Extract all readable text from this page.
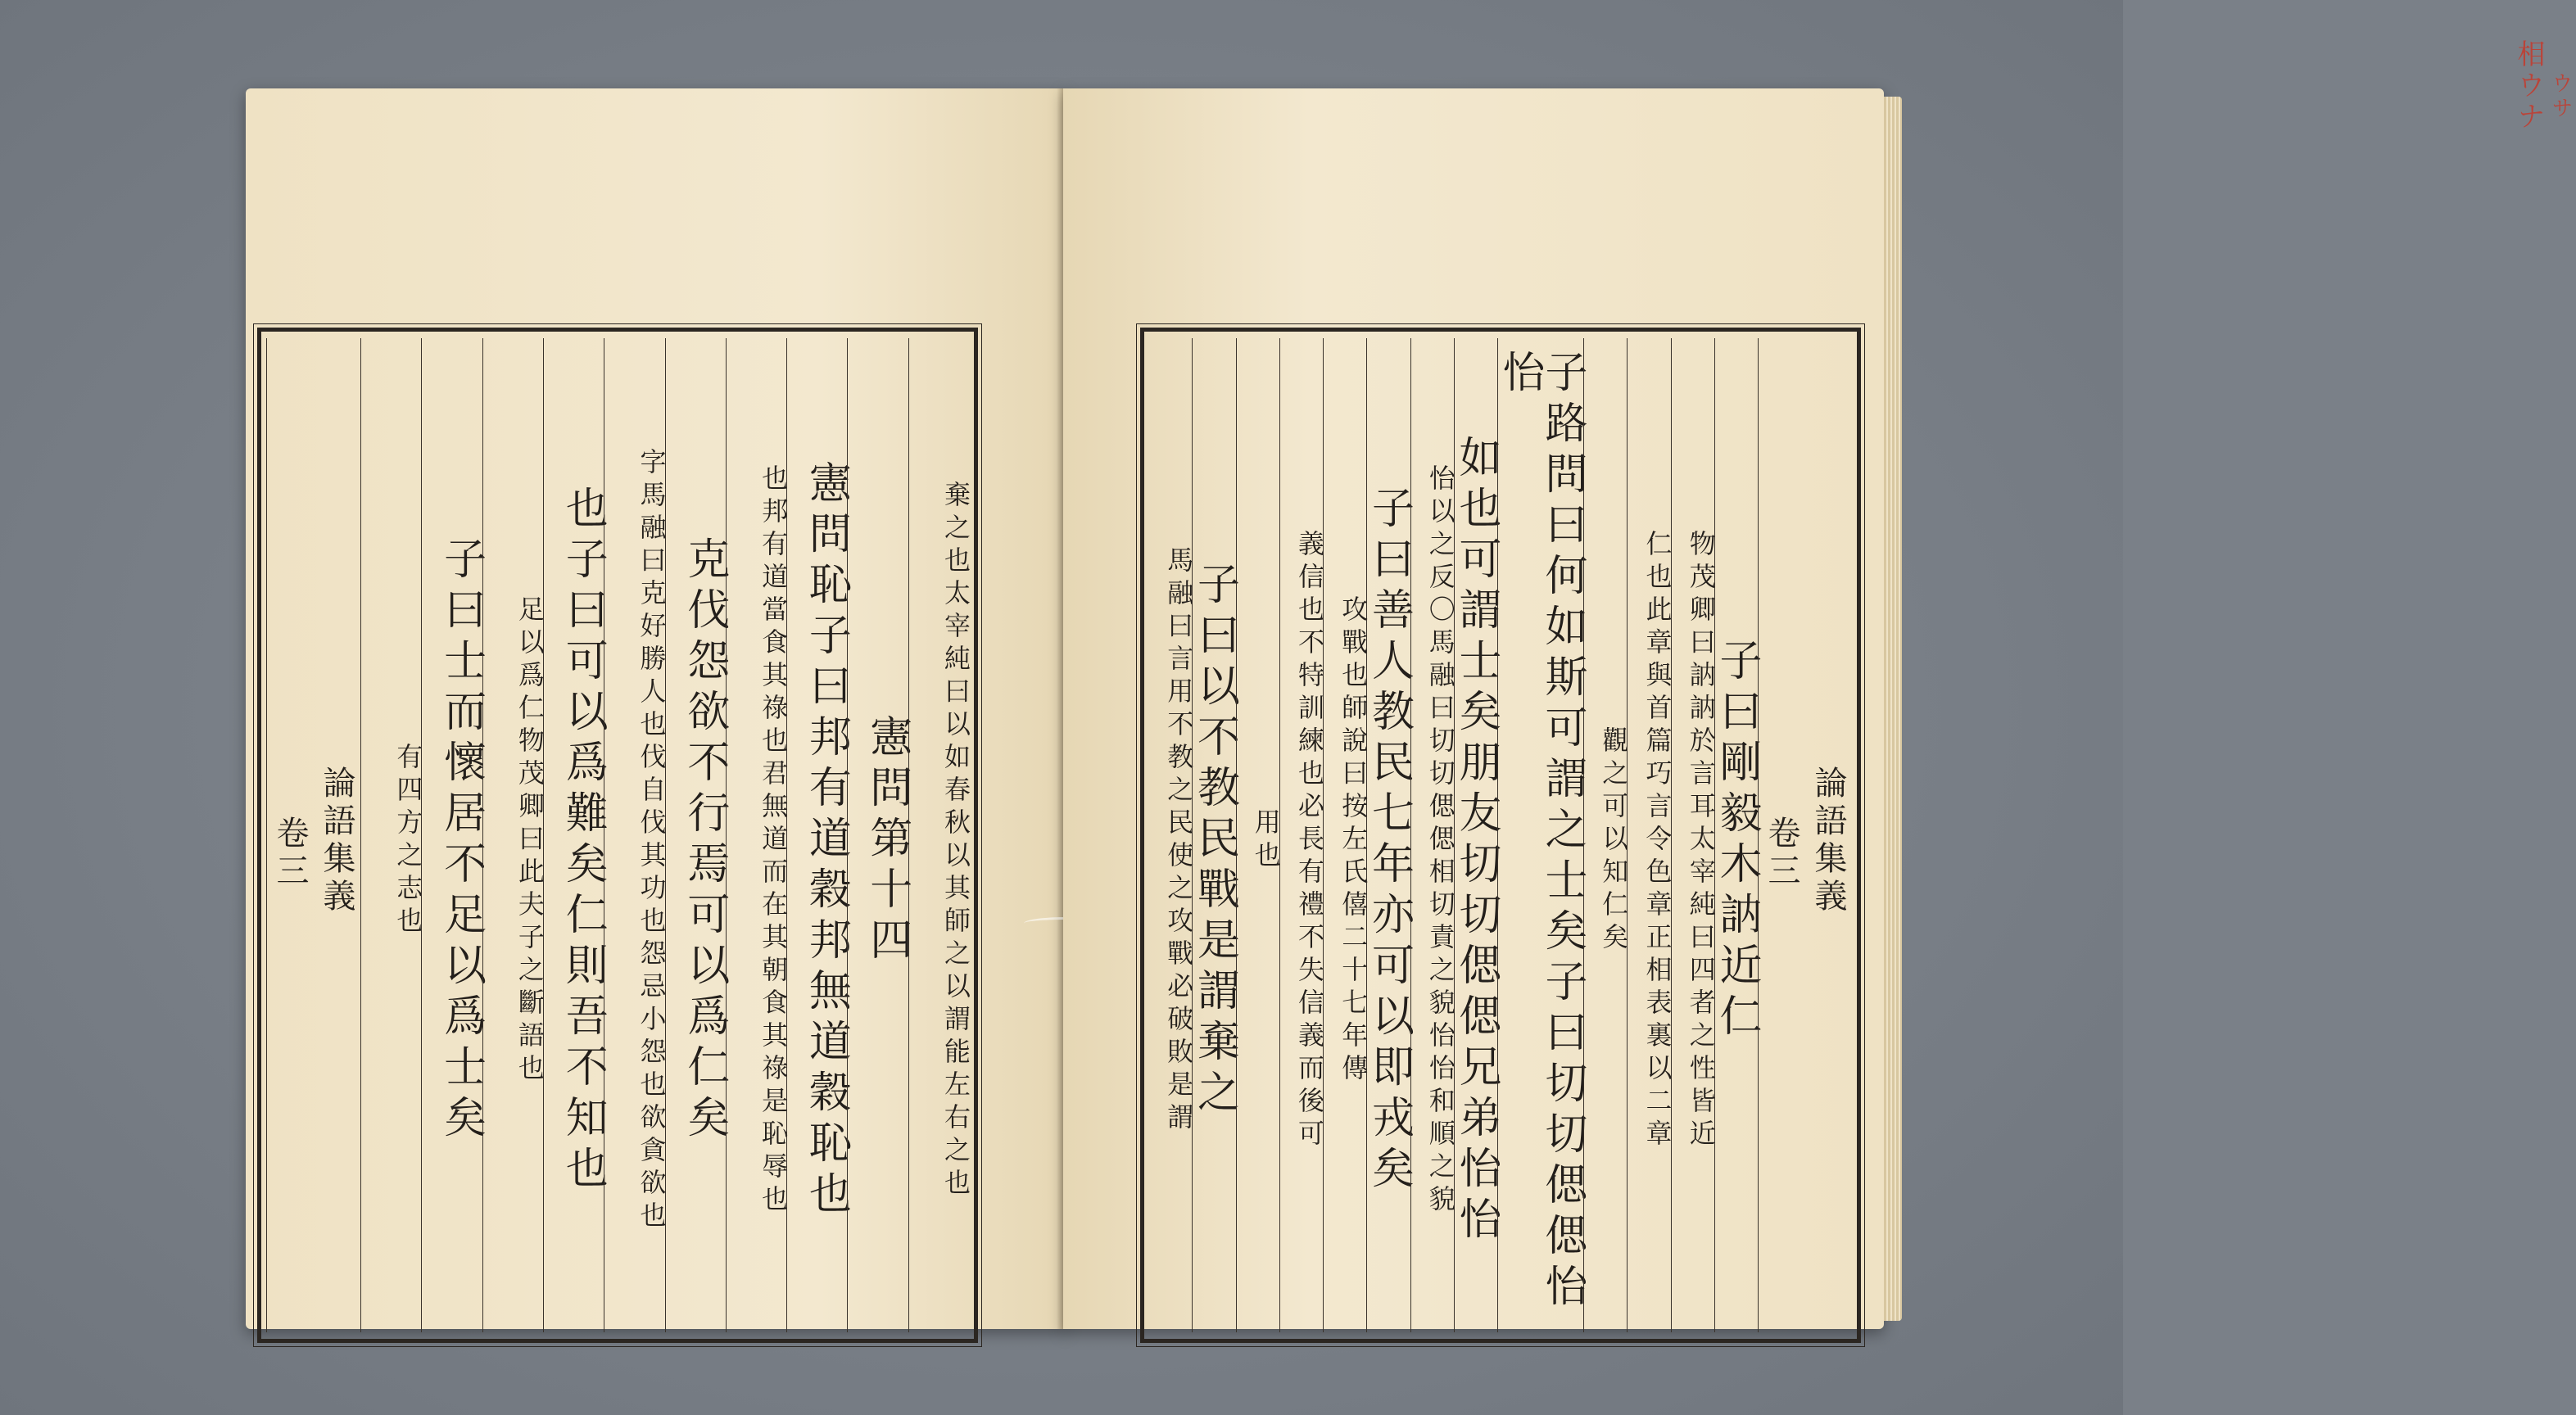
棄之也太宰純曰以如春秋以其師之以謂能左右之也
憲問第十四
憲問恥子曰邦有道穀邦無道穀恥也
也邦有道當食其祿也君無道而在其朝食其祿是恥辱也
克伐怨欲不行焉可以爲仁矣
字馬融曰克好勝人也伐自伐其功也怨忌小怨也欲貪欲也
也子曰可以爲難矣仁則吾不知也
足以爲仁物茂卿曰此夫子之斷語也
子曰士而懷居不足以爲士矣
有四方之志也
論語集義
卷三
相ウナ ウサ
論語集義
卷三
子曰剛毅木訥近仁
物茂卿曰訥訥於言耳太宰純曰四者之性皆近
仁也此章與首篇巧言令色章正相表裏以二章
觀之可以知仁矣
子路問曰何如斯可謂之士矣子曰切切偲偲怡怡
如也可謂士矣朋友切切偲偲兄弟怡怡
怡以之反〇馬融曰切切偲偲相切責之貌怡怡和順之貌
子曰善人教民七年亦可以即戎矣
攻戰也師說曰按左氏僖二十七年傳
義信也不特訓練也必長有禮不失信義而後可
用也
子曰以不教民戰是謂棄之
馬融曰言用不教之民使之攻戰必破敗是謂
